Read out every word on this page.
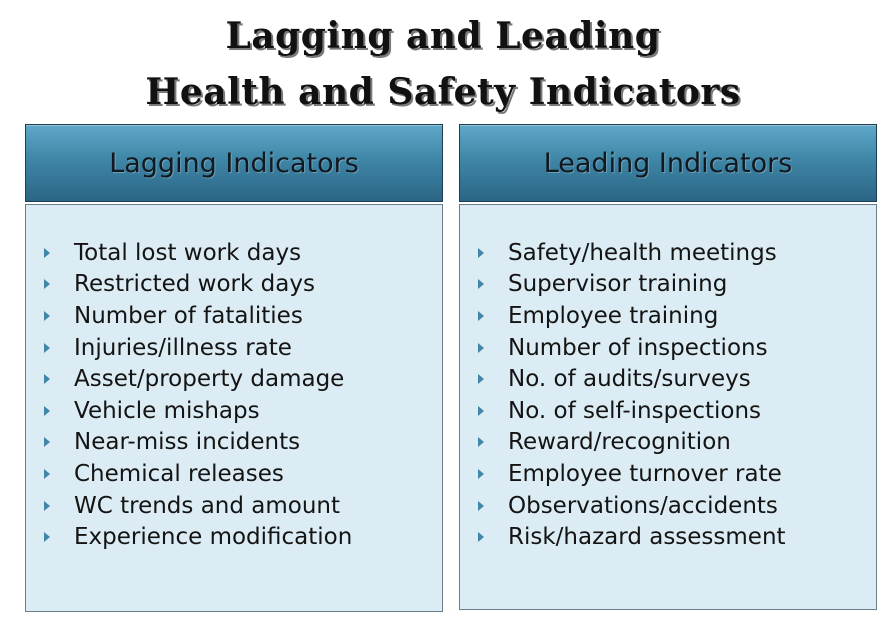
Lagging and Leading
Health and Safety Indicators
Lagging Indicators
Total lost work days
Restricted work days
Number of fatalities
Injuries/illness rate
Asset/property damage
Vehicle mishaps
Near-miss incidents
Chemical releases
WC trends and amount
Experience modification
Leading Indicators
Safety/health meetings
Supervisor training
Employee training
Number of inspections
No. of audits/surveys
No. of self-inspections
Reward/recognition
Employee turnover rate
Observations/accidents
Risk/hazard assessment
